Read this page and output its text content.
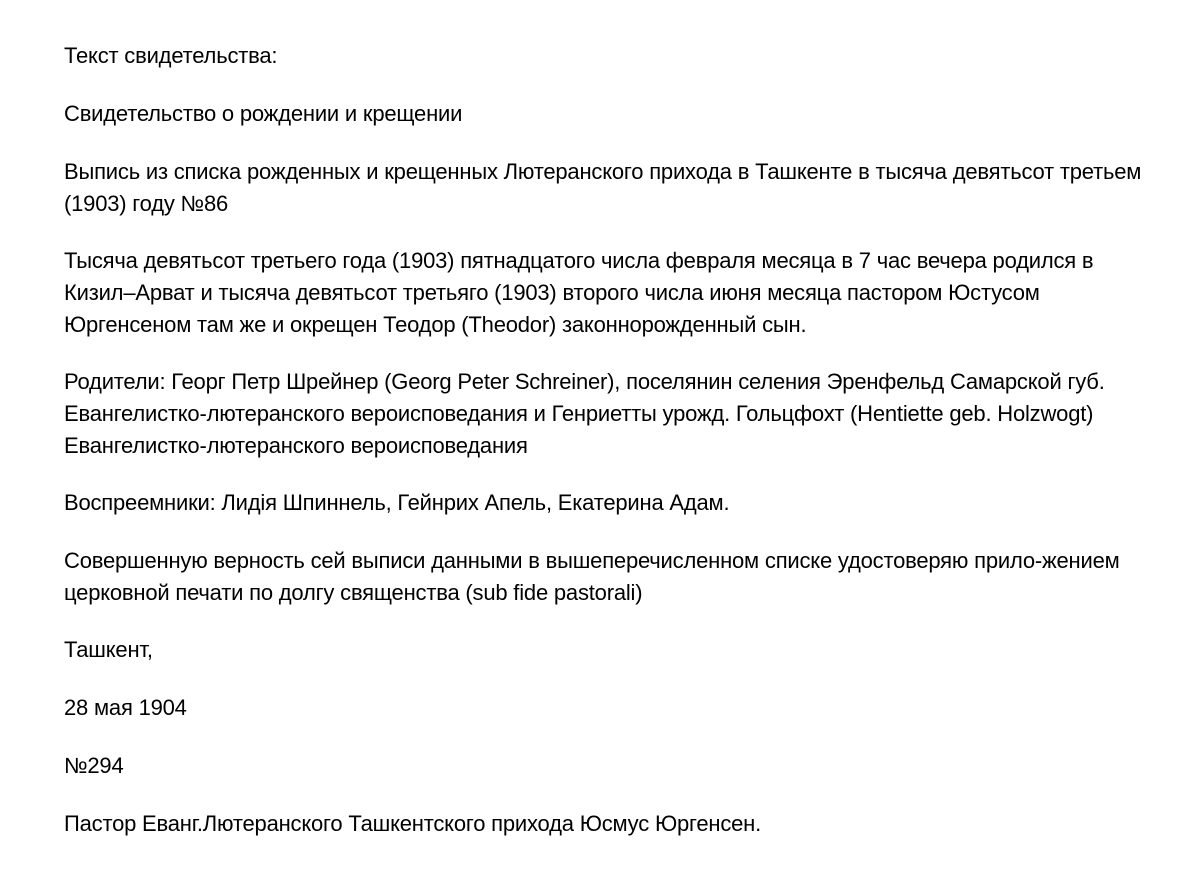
Текст свидетельства:

Свидетельство о рождении и крещении

Выпись из списка рожденных и крещенных Лютеранского прихода в Ташкенте в тысяча девятьсот третьем (1903) году №86

Тысяча девятьсот третьего года (1903) пятнадцатого числа февраля месяца в 7 час вечера родился в Кизил–Арват и тысяча девятьсот третьяго (1903) второго числа июня месяца пастором Юстусом Юргенсеном там же и окрещен Теодор (Theodor) законнорожденный сын.

Родители: Георг Петр Шрейнер (Georg Peter Schreiner), поселянин селения Эренфельд Самарской губ. Евангелистко-лютеранского вероисповедания и Генриетты урожд. Гольцфохт (Hentiette geb. Holzwogt) Евангелистко-лютеранского вероисповедания

Воспреемники: Лидiя Шпиннель, Гейнрих Апель, Екатерина Адам.

Совершенную верность сей выписи данными в вышеперечисленном списке удостоверяю прило-жением церковной печати по долгу священства (sub fide pastorali)

Ташкент,

28 мая 1904

№294

Пастор Еванг.Лютеранского Ташкентского прихода Юсмус Юргенсен.
